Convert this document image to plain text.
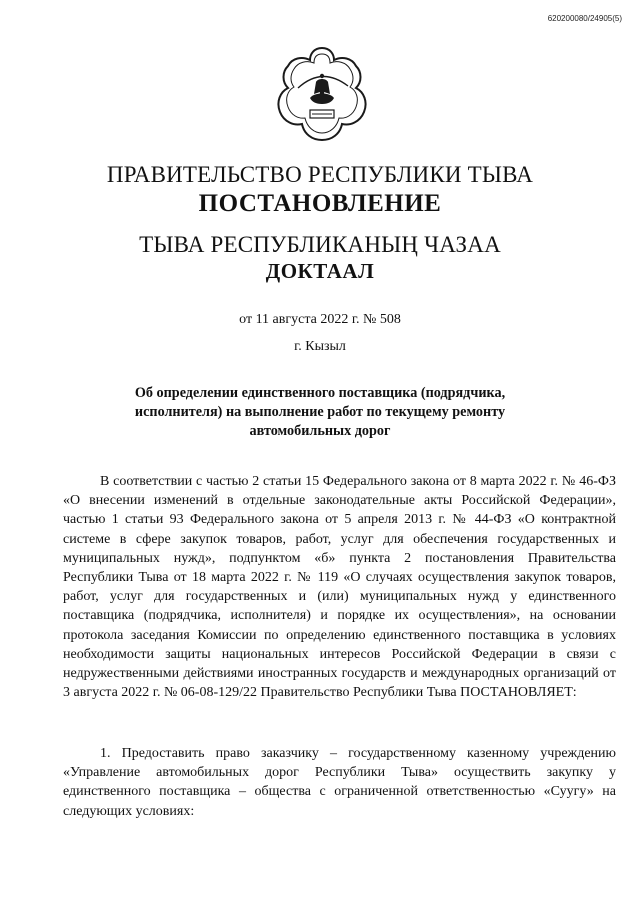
620200080/24905(5)
ПРАВИТЕЛЬСТВО РЕСПУБЛИКИ ТЫВА
ПОСТАНОВЛЕНИЕ
ТЫВА РЕСПУБЛИКАНЫҢ ЧАЗАА
ДОКТААЛ
от 11 августа 2022 г. № 508
г. Кызыл
Об определении единственного поставщика (подрядчика, исполнителя) на выполнение работ по текущему ремонту автомобильных дорог

В соответствии с частью 2 статьи 15 Федерального закона от 8 марта 2022 г. № 46-ФЗ «О внесении изменений в отдельные законодательные акты Российской Федерации», частью 1 статьи 93 Федерального закона от 5 апреля 2013 г. № 44-ФЗ «О контрактной системе в сфере закупок товаров, работ, услуг для обеспечения государственных и муниципальных нужд», подпунктом «б» пункта 2 постановления Правительства Республики Тыва от 18 марта 2022 г. № 119 «О случаях осуществления закупок товаров, работ, услуг для государственных и (или) муниципальных нужд у единственного поставщика (подрядчика, исполнителя) и порядке их осуществления», на основании протокола заседания Комиссии по определению единственного поставщика в условиях необходимости защиты национальных интересов Российской Федерации в связи с недружественными действиями иностранных государств и международных организаций от 3 августа 2022 г. № 06-08-129/22 Правительство Республики Тыва ПОСТАНОВЛЯЕТ:

1. Предоставить право заказчику – государственному казенному учреждению «Управление автомобильных дорог Республики Тыва» осуществить закупку у единственного поставщика – общества с ограниченной ответственностью «Суугу» на следующих условиях:
